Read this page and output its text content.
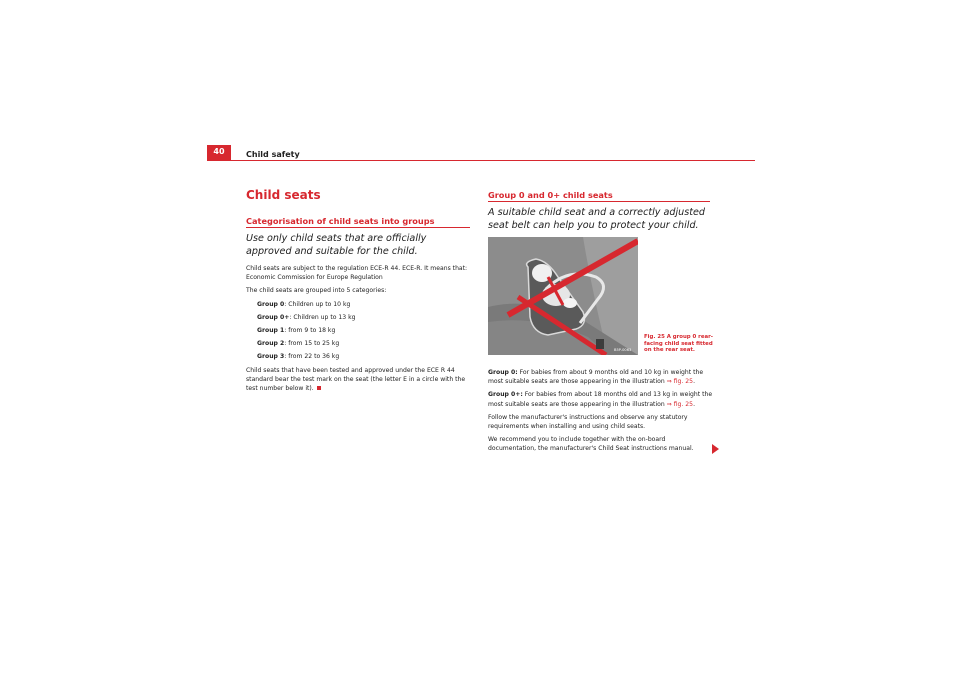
40	Child safety
Child seats
Categorisation of child seats into groups
Use only child seats that are officially approved and suitable for the child.

Child seats are subject to the regulation ECE-R 44. ECE-R. It means that: Economic Commission for Europe Regulation

The child seats are grouped into 5 categories:

Group 0: Children up to 10 kg

Group 0+: Children up to 13 kg

Group 1: from 9 to 18 kg

Group 2: from 15 to 25 kg

Group 3: from 22 to 36 kg

Child seats that have been tested and approved under the ECE R 44 standard bear the test mark on the seat (the letter E in a circle with the test number below it).

Group 0 and 0+ child seats
A suitable child seat and a correctly adjusted seat belt can help you to protect your child.
B5P-0063
Fig. 25 A group 0 rear-facing child seat fitted on the rear seat.

Group 0: For babies from about 9 months old and 10 kg in weight the most suitable seats are those appearing in the illustration ⇒ fig. 25.

Group 0+: For babies from about 18 months old and 13 kg in weight the most suitable seats are those appearing in the illustration ⇒ fig. 25.

Follow the manufacturer's instructions and observe any statutory requirements when installing and using child seats.

We recommend you to include together with the on-board documentation, the manufacturer's Child Seat instructions manual.
